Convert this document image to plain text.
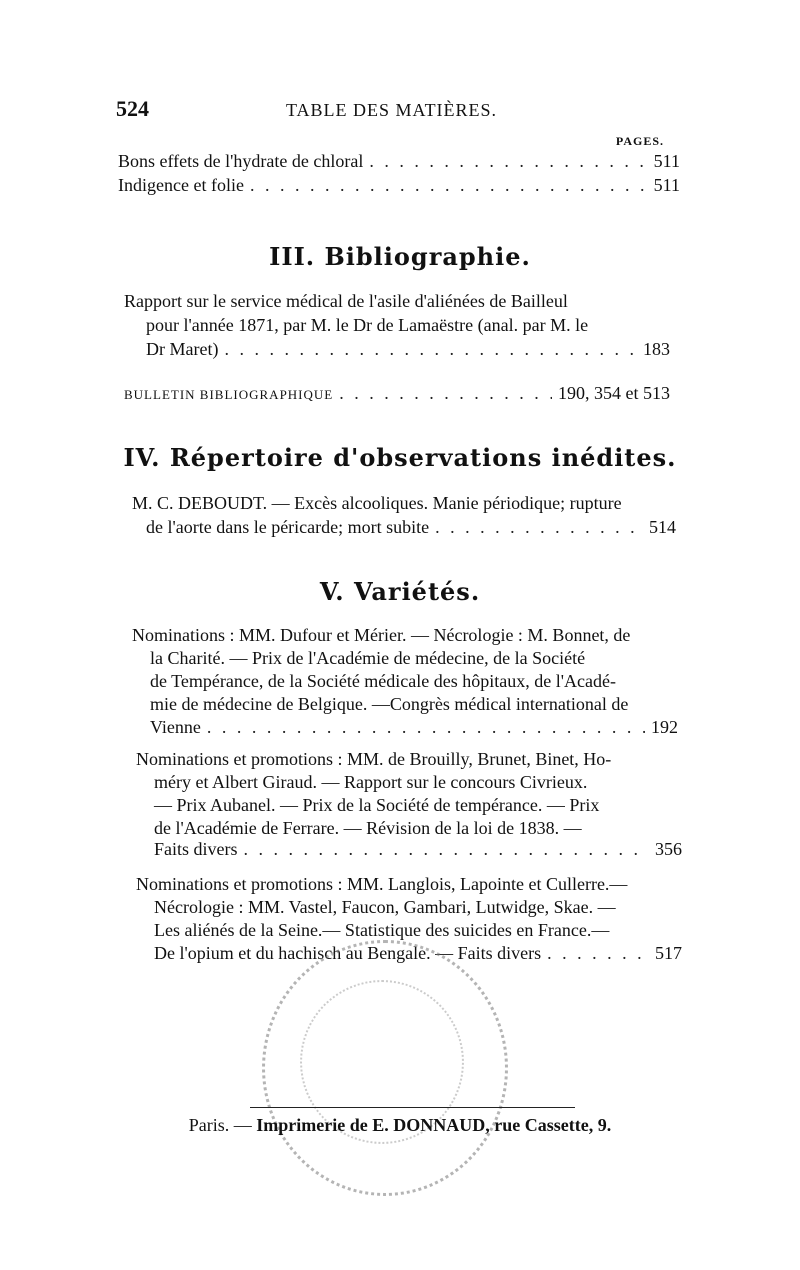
524	TABLE DES MATIÈRES.
PAGES.
Bons effets de l'hydrate de chloral . . .	511
Indigence et folie . . .	511
III. Bibliographie.
Rapport sur le service médical de l'asile d'aliénées de Bailleul
pour l'année 1871, par M. le Dr de Lamaëstre (anal. par M. le
Dr Maret) . . .	183
BULLETIN BIBLIOGRAPHIQUE . . .	190, 354 et 513
IV. Répertoire d'observations inédites.
M. C. DEBOUDT. — Excès alcooliques. Manie périodique; rupture
de l'aorte dans le péricarde; mort subite . . .	514
V. Variétés.
Nominations : MM. Dufour et Mérier. — Nécrologie : M. Bonnet, de
la Charité. — Prix de l'Académie de médecine, de la Société
de Tempérance, de la Société médicale des hôpitaux, de l'Acadé-
mie de médecine de Belgique. —Congrès médical international de
Vienne . . .	192
Nominations et promotions : MM. de Brouilly, Brunet, Binet, Ho-
méry et Albert Giraud. — Rapport sur le concours Civrieux.
— Prix Aubanel. — Prix de la Société de tempérance. — Prix
de l'Académie de Ferrare. — Révision de la loi de 1838. —
Faits divers . . .	356
Nominations et promotions : MM. Langlois, Lapointe et Cullerre.—
Nécrologie : MM. Vastel, Faucon, Gambari, Lutwidge, Skae. —
Les aliénés de la Seine.— Statistique des suicides en France.—
De l'opium et du hachisch au Bengale. — Faits divers . . .	517
Paris. — Imprimerie de E. DONNAUD, rue Cassette, 9.
